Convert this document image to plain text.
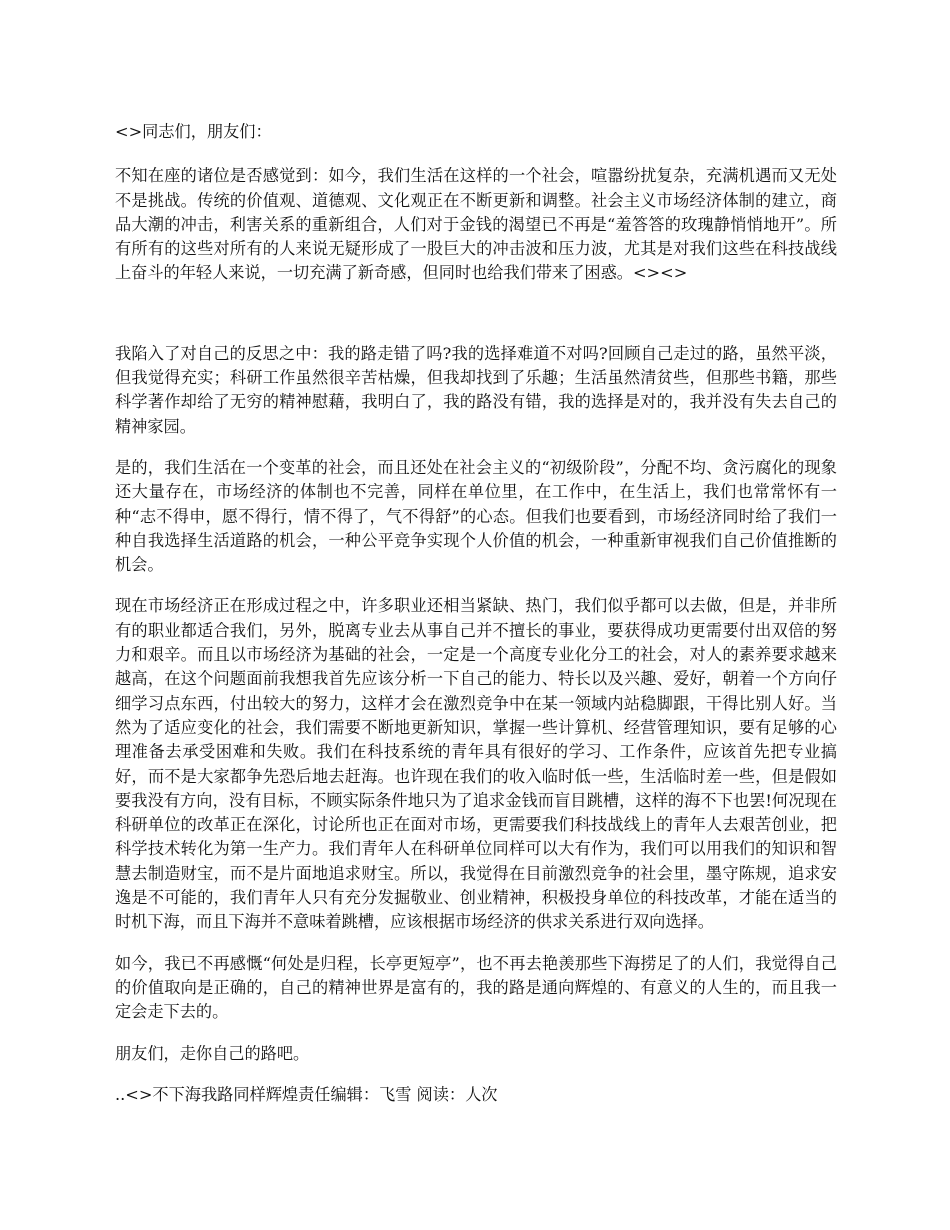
<>同志们，朋友们：

不知在座的诸位是否感觉到：如今，我们生活在这样的一个社会，喧嚣纷扰复杂，充满机遇而又无处不是挑战。传统的价值观、道德观、文化观正在不断更新和调整。社会主义市场经济体制的建立，商品大潮的冲击，利害关系的重新组合，人们对于金钱的渴望已不再是“羞答答的玫瑰静悄悄地开”。所有所有的这些对所有的人来说无疑形成了一股巨大的冲击波和压力波，尤其是对我们这些在科技战线上奋斗的年轻人来说，一切充满了新奇感，但同时也给我们带来了困惑。<><>

我陷入了对自己的反思之中：我的路走错了吗?我的选择难道不对吗?回顾自己走过的路，虽然平淡，但我觉得充实；科研工作虽然很辛苦枯燥，但我却找到了乐趣；生活虽然清贫些，但那些书籍，那些科学著作却给了无穷的精神慰藉，我明白了，我的路没有错，我的选择是对的，我并没有失去自己的精神家园。

是的，我们生活在一个变革的社会，而且还处在社会主义的“初级阶段”，分配不均、贪污腐化的现象还大量存在，市场经济的体制也不完善，同样在单位里，在工作中，在生活上，我们也常常怀有一种“志不得申，愿不得行，情不得了，气不得舒”的心态。但我们也要看到，市场经济同时给了我们一种自我选择生活道路的机会，一种公平竞争实现个人价值的机会，一种重新审视我们自己价值推断的机会。

现在市场经济正在形成过程之中，许多职业还相当紧缺、热门，我们似乎都可以去做，但是，并非所有的职业都适合我们，另外，脱离专业去从事自己并不擅长的事业，要获得成功更需要付出双倍的努力和艰辛。而且以市场经济为基础的社会，一定是一个高度专业化分工的社会，对人的素养要求越来越高，在这个问题面前我想我首先应该分析一下自己的能力、特长以及兴趣、爱好，朝着一个方向仔细学习点东西，付出较大的努力，这样才会在激烈竞争中在某一领域内站稳脚跟，干得比别人好。当然为了适应变化的社会，我们需要不断地更新知识，掌握一些计算机、经营管理知识，要有足够的心理准备去承受困难和失败。我们在科技系统的青年具有很好的学习、工作条件，应该首先把专业搞好，而不是大家都争先恐后地去赶海。也许现在我们的收入临时低一些，生活临时差一些，但是假如要我没有方向，没有目标，不顾实际条件地只为了追求金钱而盲目跳槽，这样的海不下也罢!何况现在科研单位的改革正在深化，讨论所也正在面对市场，更需要我们科技战线上的青年人去艰苦创业，把科学技术转化为第一生产力。我们青年人在科研单位同样可以大有作为，我们可以用我们的知识和智慧去制造财宝，而不是片面地追求财宝。所以，我觉得在目前激烈竞争的社会里，墨守陈规，追求安逸是不可能的，我们青年人只有充分发掘敬业、创业精神，积极投身单位的科技改革，才能在适当的时机下海，而且下海并不意味着跳槽，应该根据市场经济的供求关系进行双向选择。

如今，我已不再感慨“何处是归程，长亭更短亭”，也不再去艳羡那些下海捞足了的人们，我觉得自己的价值取向是正确的，自己的精神世界是富有的，我的路是通向辉煌的、有意义的人生的，而且我一定会走下去的。

朋友们，走你自己的路吧。

..<>不下海我路同样辉煌责任编辑：飞雪 阅读：人次
